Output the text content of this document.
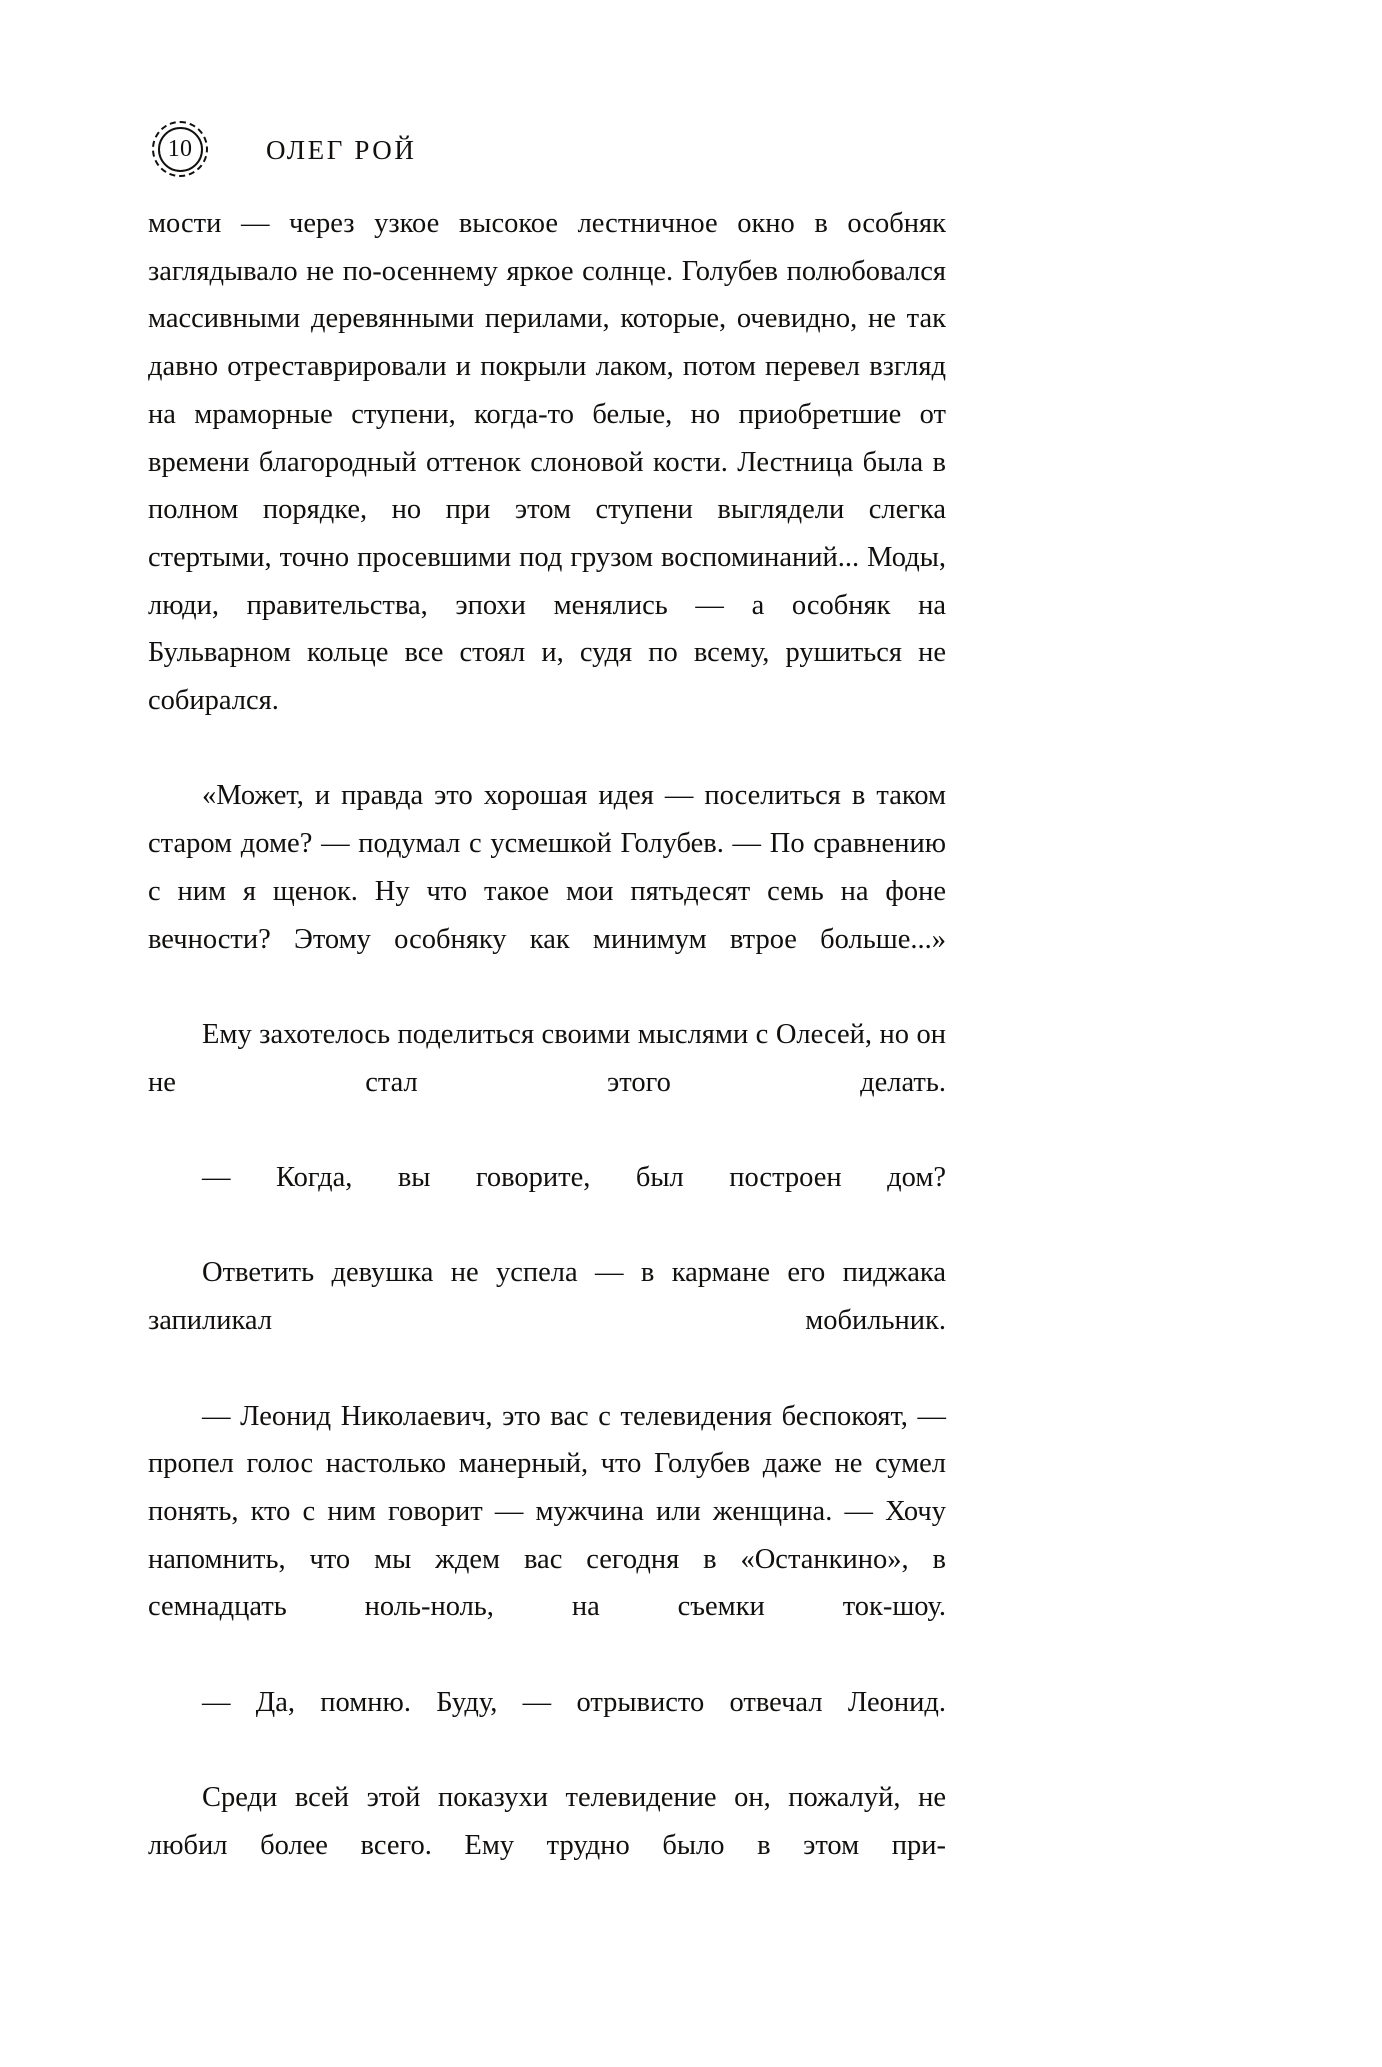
10	ОЛЕГ РОЙ

мости — через узкое высокое лестничное окно в особняк заглядывало не по-осеннему яркое солнце. Голубев полюбовался массивными деревянными перилами, которые, очевидно, не так давно отреставрировали и покрыли лаком, потом перевел взгляд на мраморные ступени, когда-то белые, но приобретшие от времени благородный оттенок слоновой кости. Лестница была в полном порядке, но при этом ступени выглядели слегка стертыми, точно просевшими под грузом воспоминаний... Моды, люди, правительства, эпохи менялись — а особняк на Бульварном кольце все стоял и, судя по всему, рушиться не собирался.

«Может, и правда это хорошая идея — поселиться в таком старом доме? — подумал с усмешкой Голубев. — По сравнению с ним я щенок. Ну что такое мои пятьдесят семь на фоне вечности? Этому особняку как минимум втрое больше...»

Ему захотелось поделиться своими мыслями с Олесей, но он не стал этого делать.

— Когда, вы говорите, был построен дом?

Ответить девушка не успела — в кармане его пиджака запиликал мобильник.

— Леонид Николаевич, это вас с телевидения беспокоят, — пропел голос настолько манерный, что Голубев даже не сумел понять, кто с ним говорит — мужчина или женщина. — Хочу напомнить, что мы ждем вас сегодня в «Останкино», в семнадцать ноль-ноль, на съемки ток-шоу.

— Да, помню. Буду, — отрывисто отвечал Леонид.

Среди всей этой показухи телевидение он, пожалуй, не любил более всего. Ему трудно было в этом при-
